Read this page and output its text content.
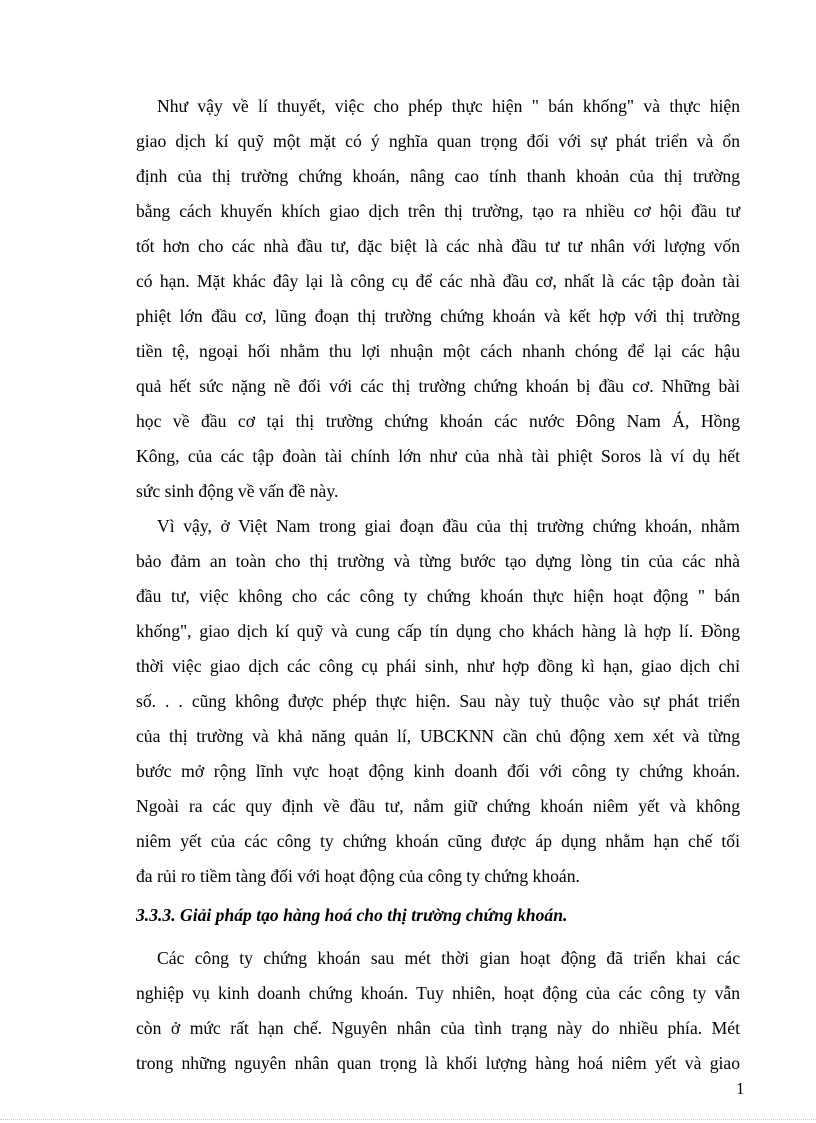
Như vậy về lí thuyết, việc cho phép thực hiện " bán khống" và thực hiện
giao dịch kí quỹ một mặt có ý nghĩa quan trọng đối với sự phát triển và ổn
định của thị trường chứng khoán, nâng cao tính thanh khoản của thị trường
bằng cách khuyến khích giao dịch trên thị trường, tạo ra nhiều cơ hội đầu tư
tốt hơn cho các nhà đầu tư, đặc biệt là các nhà đầu tư tư nhân với lượng vốn
có hạn. Mặt khác đây lại là công cụ để các nhà đầu cơ, nhất là các tập đoàn tài
phiệt lớn đầu cơ, lũng đoạn thị trường chứng khoán và kết hợp với thị trường
tiền tệ, ngoại hối nhằm thu lợi nhuận một cách nhanh chóng để lại các hậu
quả hết sức nặng nề đối với các thị trường chứng khoán bị đầu cơ. Những bài
học về đầu cơ tại thị trường chứng khoán các nước Đông Nam Á, Hồng
Kông, của các tập đoàn tài chính lớn như của nhà tài phiệt Soros là ví dụ hết
sức sinh động về vấn đề này.
Vì vậy, ở Việt Nam trong giai đoạn đầu của thị trường chứng khoán, nhằm
bảo đảm an toàn cho thị trường và từng bước tạo dựng lòng tin của các nhà
đầu tư, việc không cho các công ty chứng khoán thực hiện hoạt động " bán
khống", giao dịch kí quỹ và cung cấp tín dụng cho khách hàng là hợp lí. Đồng
thời việc giao dịch các công cụ phái sinh, như hợp đồng kì hạn, giao dịch chỉ
số. . . cũng không được phép thực hiện. Sau này tuỳ thuộc vào sự phát triển
của thị trường và khả năng quản lí, UBCKNN cần chủ động xem xét và từng
bước mở rộng lĩnh vực hoạt động kinh doanh đối với công ty chứng khoán.
Ngoài ra các quy định về đầu tư, nắm giữ chứng khoán niêm yết và không
niêm yết của các công ty chứng khoán cũng được áp dụng nhằm hạn chế tối
đa rủi ro tiềm tàng đối với hoạt động của công ty chứng khoán.
3.3.3. Giải pháp tạo hàng hoá cho thị trường chứng khoán.
Các công ty chứng khoán sau mét thời gian hoạt động đã triển khai các
nghiệp vụ kinh doanh chứng khoán. Tuy nhiên, hoạt động của các công ty vẫn
còn ở mức rất hạn chế. Nguyên nhân của tình trạng này do nhiều phía. Mét
trong những nguyên nhân quan trọng là khối lượng hàng hoá niêm yết và giao
1
